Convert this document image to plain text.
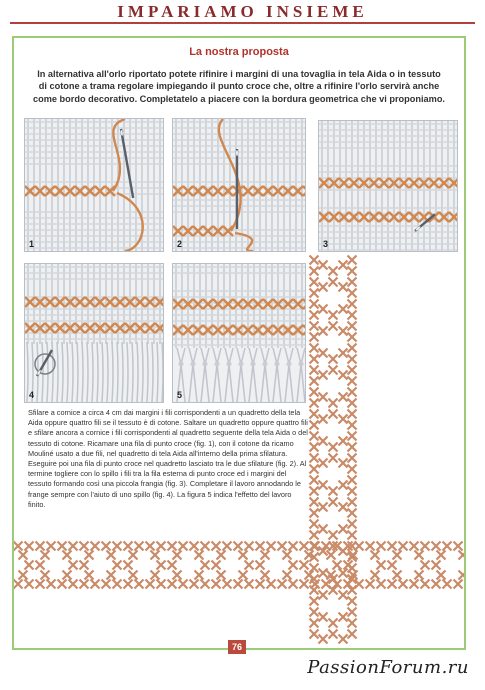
IMPARIAMO INSIEME
La nostra proposta
In alternativa all'orlo riportato potete rifinire i margini di una tovaglia in tela Aida o in tessuto di cotone a trama regolare impiegando il punto croce che, oltre a rifinire l'orlo servirà anche come bordo decorativo. Completatelo a piacere con la bordura geometrica che vi proponiamo.
1	2	3
4	5
Sfilare a cornice a circa 4 cm dai margini i fili corrispondenti a un quadretto della tela Aida oppure quattro fili se il tessuto è di cotone. Saltare un quadretto oppure quattro fili e sfilare ancora a cornice i fili corrispondenti al quadretto seguente della tela Aida o del tessuto di cotone. Ricamare una fila di punto croce (fig. 1), con il cotone da ricamo Mouliné usato a due fili, nel quadretto di tela Aida all'interno della prima sfilatura. Eseguire poi una fila di punto croce nel quadretto lasciato tra le due sfilature (fig. 2). Al termine togliere con lo spillo i fili tra la fila esterna di punto croce ed i margini del tessuto formando così una piccola frangia (fig. 3). Completare il lavoro annodando le frange sempre con l'aiuto di uno spillo (fig. 4). La figura 5 indica l'effetto del lavoro finito.
76
PassionForum.ru
